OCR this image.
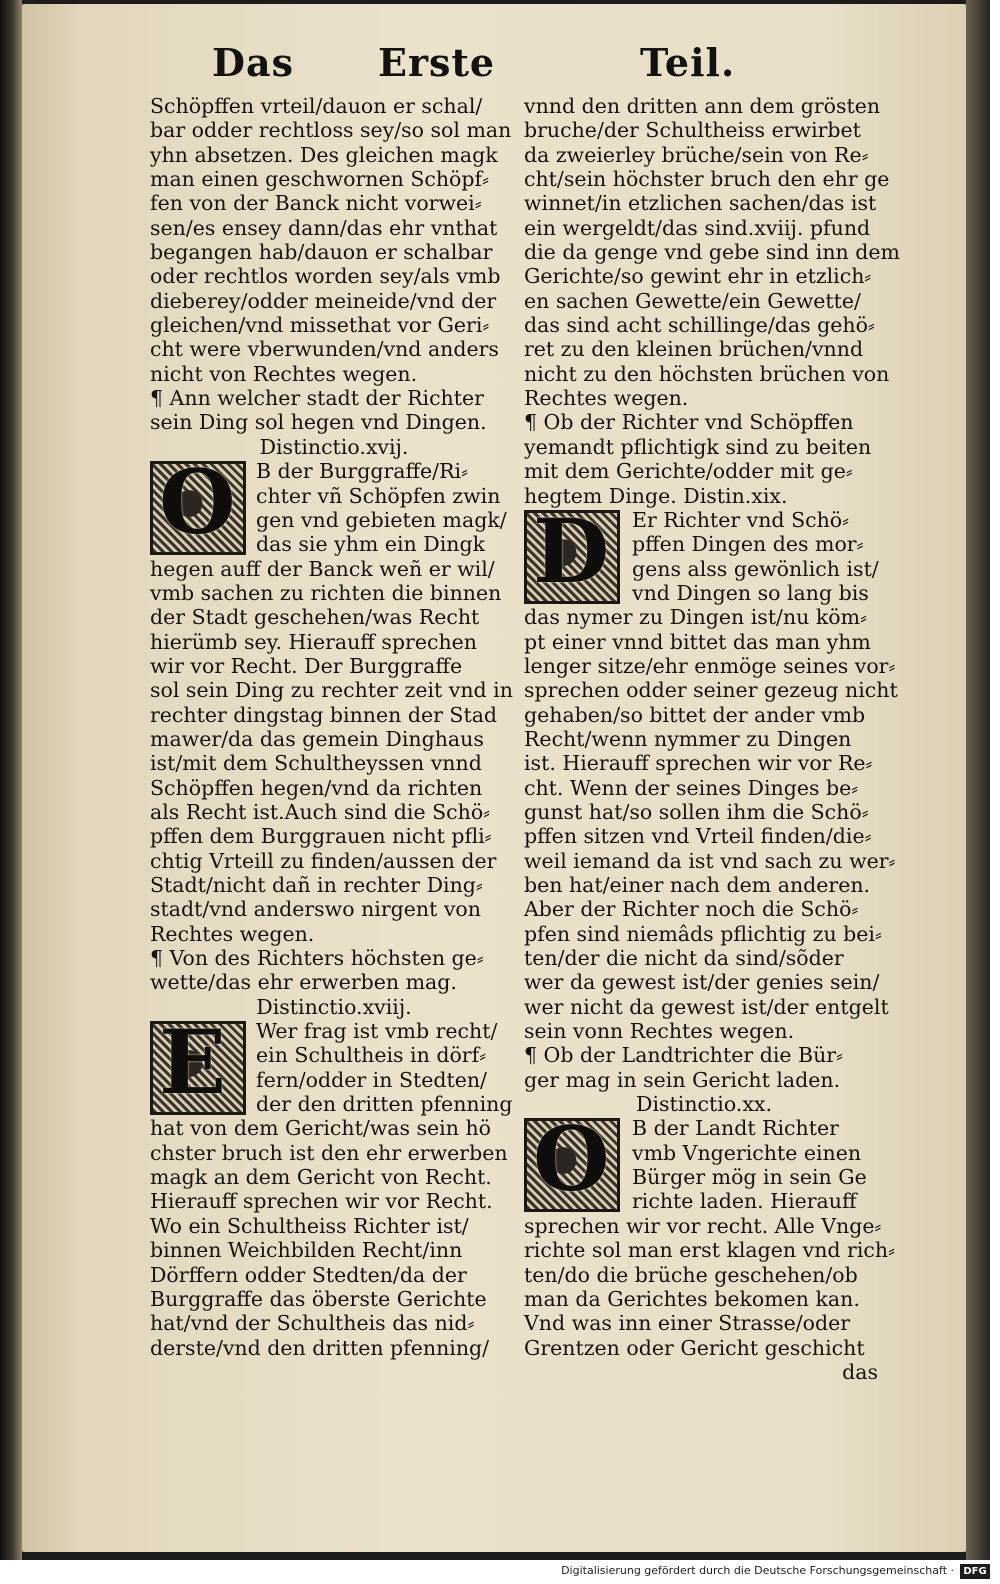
Das Erste	Teil.
Schöpffen vrteil/dauon er schal/
bar odder rechtloss sey/so sol man
yhn absetzen. Des gleichen magk
man einen geschwornen Schöpf⸗
fen von der Banck nicht vorwei⸗
sen/es ensey dann/das ehr vnthat
begangen hab/dauon er schalbar
oder rechtlos worden sey/als vmb
dieberey/odder meineide/vnd der
gleichen/vnd missethat vor Geri⸗
cht were vberwunden/vnd anders
nicht von Rechtes wegen.
¶ Ann welcher stadt der Richter
sein Ding sol hegen vnd Dingen.
Distinctio.xvij.
O B der Burggraffe/Ri⸗
chter vñ Schöpfen zwin
gen vnd gebieten magk/
das sie yhm ein Dingk
hegen auff der Banck weñ er wil/
vmb sachen zu richten die binnen
der Stadt geschehen/was Recht
hierümb sey. Hierauff sprechen
wir vor Recht. Der Burggraffe
sol sein Ding zu rechter zeit vnd in
rechter dingstag binnen der Stad
mawer/da das gemein Dinghaus
ist/mit dem Schultheyssen vnnd
Schöpffen hegen/vnd da richten
als Recht ist.Auch sind die Schö⸗
pffen dem Burggrauen nicht pfli⸗
chtig Vrteill zu finden/aussen der
Stadt/nicht dañ in rechter Ding⸗
stadt/vnd anderswo nirgent von
Rechtes wegen.
¶ Von des Richters höchsten ge⸗
wette/das ehr erwerben mag.
Distinctio.xviij.
E	Wer frag ist vmb recht/
ein Schultheis in dörf⸗
fern/odder in Stedten/
der den dritten pfenning
hat von dem Gericht/was sein hö
chster bruch ist den ehr erwerben
magk an dem Gericht von Recht.
Hierauff sprechen wir vor Recht.
Wo ein Schultheiss Richter ist/
binnen Weichbilden Recht/inn
Dörffern odder Stedten/da der
Burggraffe das öberste Gerichte
hat/vnd der Schultheis das nid⸗
derste/vnd den dritten pfenning/
vnnd den dritten ann dem grösten
bruche/der Schultheiss erwirbet
da zweierley brüche/sein von Re⸗
cht/sein höchster bruch den ehr ge
winnet/in etzlichen sachen/das ist
ein wergeldt/das sind.xviij. pfund
die da genge vnd gebe sind inn dem
Gerichte/so gewint ehr in etzlich⸗
en sachen Gewette/ein Gewette/
das sind acht schillinge/das gehö⸗
ret zu den kleinen brüchen/vnnd
nicht zu den höchsten brüchen von
Rechtes wegen.
¶ Ob der Richter vnd Schöpffen
yemandt pflichtigk sind zu beiten
mit dem Gerichte/odder mit ge⸗
hegtem Dinge. Distin.xix.
D	Er Richter vnd Schö⸗
pffen Dingen des mor⸗
gens alss gewönlich ist/
vnd Dingen so lang bis
das nymer zu Dingen ist/nu köm⸗
pt einer vnnd bittet das man yhm
lenger sitze/ehr enmöge seines vor⸗
sprechen odder seiner gezeug nicht
gehaben/so bittet der ander vmb
Recht/wenn nymmer zu Dingen
ist. Hierauff sprechen wir vor Re⸗
cht. Wenn der seines Dinges be⸗
gunst hat/so sollen ihm die Schö⸗
pffen sitzen vnd Vrteil finden/die⸗
weil iemand da ist vnd sach zu wer⸗
ben hat/einer nach dem anderen.
Aber der Richter noch die Schö⸗
pfen sind niemâds pflichtig zu bei⸗
ten/der die nicht da sind/sõder
wer da gewest ist/der genies sein/
wer nicht da gewest ist/der entgelt
sein vonn Rechtes wegen.
¶ Ob der Landtrichter die Bür⸗
ger mag in sein Gericht laden.
Distinctio.xx.
O	B der Landt Richter
vmb Vngerichte einen
Bürger mög in sein Ge
richte laden. Hierauff
sprechen wir vor recht. Alle Vnge⸗
richte sol man erst klagen vnd rich⸗
ten/do die brüche geschehen/ob
man da Gerichtes bekomen kan.
Vnd was inn einer Strasse/oder
Grentzen oder Gericht geschicht
das
Digitalisierung gefördert durch die Deutsche Forschungsgemeinschaft · DFG
